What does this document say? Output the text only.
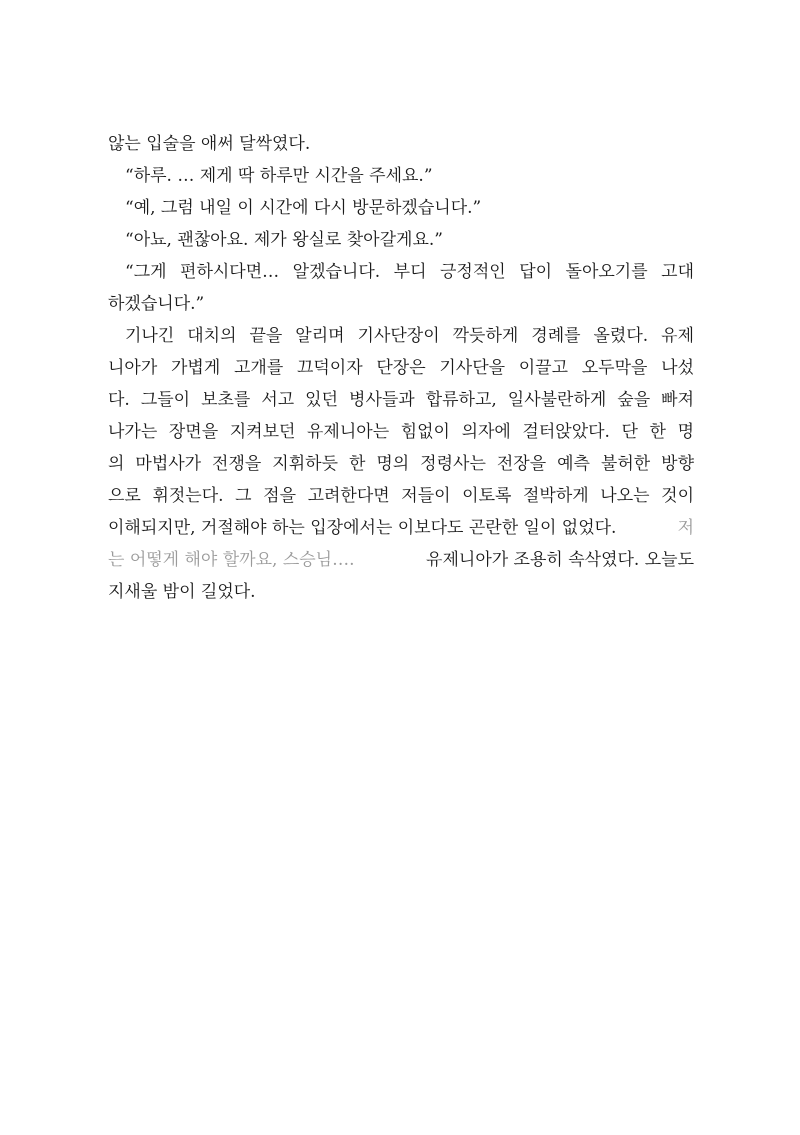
않는 입술을 애써 달싹였다.
“하루. … 제게 딱 하루만 시간을 주세요.”
“예, 그럼 내일 이 시간에 다시 방문하겠습니다.”
“아뇨, 괜찮아요. 제가 왕실로 찾아갈게요.”
“그게 편하시다면… 알겠습니다. 부디 긍정적인 답이 돌아오기를 고대
하겠습니다.”
기나긴 대치의 끝을 알리며 기사단장이 깍듯하게 경례를 올렸다. 유제
니아가 가볍게 고개를 끄덕이자 단장은 기사단을 이끌고 오두막을 나섰
다. 그들이 보초를 서고 있던 병사들과 합류하고, 일사불란하게 숲을 빠져
나가는 장면을 지켜보던 유제니아는 힘없이 의자에 걸터앉았다. 단 한 명
의 마법사가 전쟁을 지휘하듯 한 명의 정령사는 전장을 예측 불허한 방향
으로 휘젓는다. 그 점을 고려한다면 저들이 이토록 절박하게 나오는 것이
이해되지만, 거절해야 하는 입장에서는 이보다도 곤란한 일이 없었다.	저
는 어떻게 해야 할까요, 스승님….	유제니아가 조용히 속삭였다. 오늘도
지새울 밤이 길었다.
